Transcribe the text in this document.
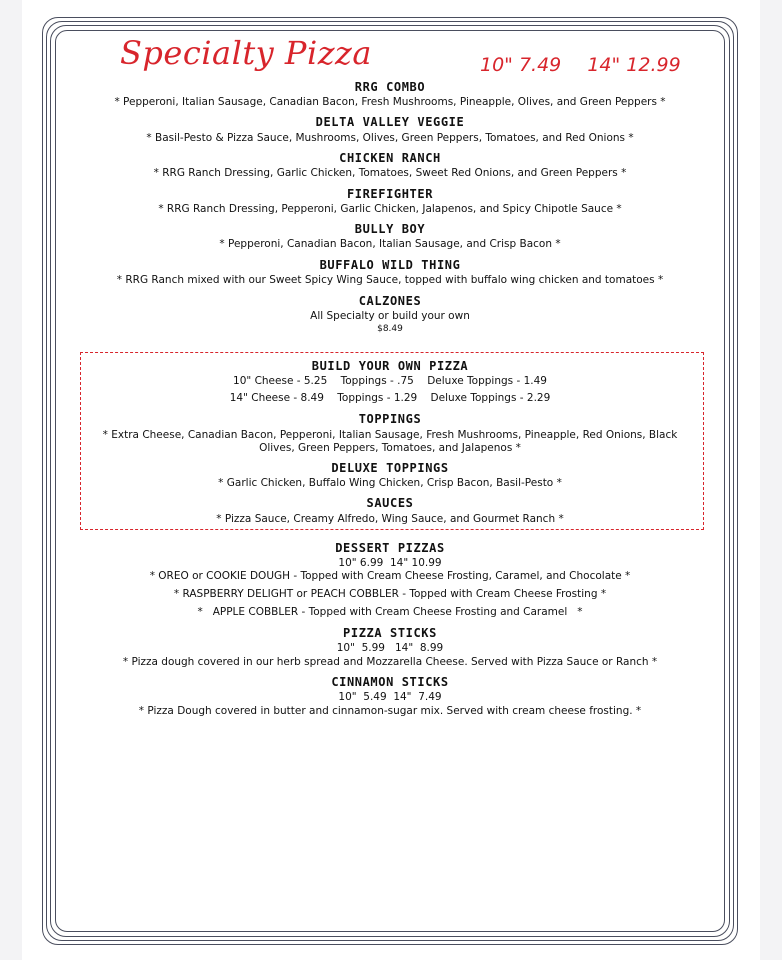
Specialty Pizza	10" 7.49 14" 12.99
RRG COMBO
* Pepperoni, Italian Sausage, Canadian Bacon, Fresh Mushrooms, Pineapple, Olives, and Green Peppers *
DELTA VALLEY VEGGIE
* Basil-Pesto & Pizza Sauce, Mushrooms, Olives, Green Peppers, Tomatoes, and Red Onions *
CHICKEN RANCH
* RRG Ranch Dressing, Garlic Chicken, Tomatoes, Sweet Red Onions, and Green Peppers *
FIREFIGHTER
* RRG Ranch Dressing, Pepperoni, Garlic Chicken, Jalapenos, and Spicy Chipotle Sauce *
BULLY BOY
* Pepperoni, Canadian Bacon, Italian Sausage, and Crisp Bacon *
BUFFALO WILD THING
* RRG Ranch mixed with our Sweet Spicy Wing Sauce, topped with buffalo wing chicken and tomatoes *
CALZONES
All Specialty or build your own
$8.49
BUILD YOUR OWN PIZZA
10" Cheese - 5.25    Toppings - .75    Deluxe Toppings - 1.49
14" Cheese - 8.49    Toppings - 1.29    Deluxe Toppings - 2.29
TOPPINGS
* Extra Cheese, Canadian Bacon, Pepperoni, Italian Sausage, Fresh Mushrooms, Pineapple, Red Onions, Black
Olives, Green Peppers, Tomatoes, and Jalapenos *
DELUXE TOPPINGS
* Garlic Chicken, Buffalo Wing Chicken, Crisp Bacon, Basil-Pesto *
SAUCES
* Pizza Sauce, Creamy Alfredo, Wing Sauce, and Gourmet Ranch *
DESSERT PIZZAS
10" 6.99  14" 10.99
* OREO or COOKIE DOUGH - Topped with Cream Cheese Frosting, Caramel, and Chocolate *
* RASPBERRY DELIGHT or PEACH COBBLER - Topped with Cream Cheese Frosting *
*   APPLE COBBLER - Topped with Cream Cheese Frosting and Caramel   *
PIZZA STICKS
10"  5.99   14"  8.99
* Pizza dough covered in our herb spread and Mozzarella Cheese. Served with Pizza Sauce or Ranch *
CINNAMON STICKS
10"  5.49  14"  7.49
* Pizza Dough covered in butter and cinnamon-sugar mix. Served with cream cheese frosting. *
